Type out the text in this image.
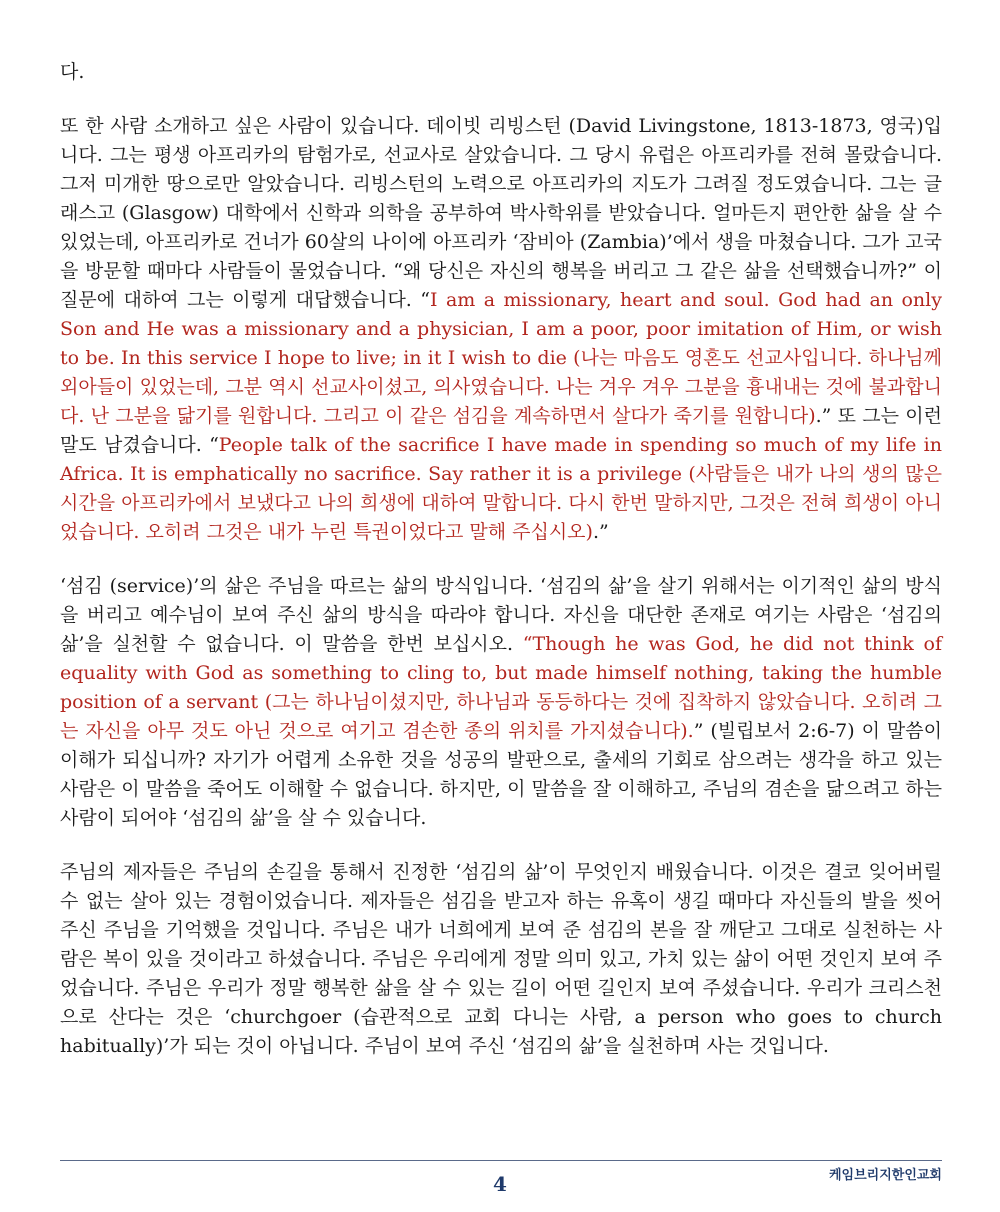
다.

또 한 사람 소개하고 싶은 사람이 있습니다. 데이빗 리빙스턴 (David Livingstone, 1813-1873, 영국)입니다. 그는 평생 아프리카의 탐험가로, 선교사로 살았습니다. 그 당시 유럽은 아프리카를 전혀 몰랐습니다. 그저 미개한 땅으로만 알았습니다. 리빙스턴의 노력으로 아프리카의 지도가 그려질 정도였습니다. 그는 글래스고 (Glasgow) 대학에서 신학과 의학을 공부하여 박사학위를 받았습니다. 얼마든지 편안한 삶을 살 수 있었는데, 아프리카로 건너가 60살의 나이에 아프리카 ‘잠비아 (Zambia)’에서 생을 마쳤습니다. 그가 고국을 방문할 때마다 사람들이 물었습니다. “왜 당신은 자신의 행복을 버리고 그 같은 삶을 선택했습니까?” 이 질문에 대하여 그는 이렇게 대답했습니다. “I am a missionary, heart and soul. God had an only Son and He was a missionary and a physician, I am a poor, poor imitation of Him, or wish to be. In this service I hope to live; in it I wish to die (나는 마음도 영혼도 선교사입니다. 하나님께 외아들이 있었는데, 그분 역시 선교사이셨고, 의사였습니다. 나는 겨우 겨우 그분을 흉내내는 것에 불과합니다. 난 그분을 닮기를 원합니다. 그리고 이 같은 섬김을 계속하면서 살다가 죽기를 원합니다).” 또 그는 이런 말도 남겼습니다. “People talk of the sacrifice I have made in spending so much of my life in Africa. It is emphatically no sacrifice. Say rather it is a privilege (사람들은 내가 나의 생의 많은 시간을 아프리카에서 보냈다고 나의 희생에 대하여 말합니다. 다시 한번 말하지만, 그것은 전혀 희생이 아니었습니다. 오히려 그것은 내가 누린 특권이었다고 말해 주십시오).”

‘섬김 (service)’의 삶은 주님을 따르는 삶의 방식입니다. ‘섬김의 삶’을 살기 위해서는 이기적인 삶의 방식을 버리고 예수님이 보여 주신 삶의 방식을 따라야 합니다. 자신을 대단한 존재로 여기는 사람은 ‘섬김의 삶’을 실천할 수 없습니다. 이 말씀을 한번 보십시오. “Though he was God, he did not think of equality with God as something to cling to, but made himself nothing, taking the humble position of a servant (그는 하나님이셨지만, 하나님과 동등하다는 것에 집착하지 않았습니다. 오히려 그는 자신을 아무 것도 아닌 것으로 여기고 겸손한 종의 위치를 가지셨습니다).” (빌립보서 2:6-7) 이 말씀이 이해가 되십니까? 자기가 어렵게 소유한 것을 성공의 발판으로, 출세의 기회로 삼으려는 생각을 하고 있는 사람은 이 말씀을 죽어도 이해할 수 없습니다. 하지만, 이 말씀을 잘 이해하고, 주님의 겸손을 닮으려고 하는 사람이 되어야 ‘섬김의 삶’을 살 수 있습니다.

주님의 제자들은 주님의 손길을 통해서 진정한 ‘섬김의 삶’이 무엇인지 배웠습니다. 이것은 결코 잊어버릴 수 없는 살아 있는 경험이었습니다. 제자들은 섬김을 받고자 하는 유혹이 생길 때마다 자신들의 발을 씻어 주신 주님을 기억했을 것입니다. 주님은 내가 너희에게 보여 준 섬김의 본을 잘 깨닫고 그대로 실천하는 사람은 복이 있을 것이라고 하셨습니다. 주님은 우리에게 정말 의미 있고, 가치 있는 삶이 어떤 것인지 보여 주었습니다. 주님은 우리가 정말 행복한 삶을 살 수 있는 길이 어떤 길인지 보여 주셨습니다. 우리가 크리스천으로 산다는 것은 ‘churchgoer (습관적으로 교회 다니는 사람, a person who goes to church habitually)’가 되는 것이 아닙니다. 주님이 보여 주신 ‘섬김의 삶’을 실천하며 사는 것입니다.

4	케임브리지한인교회
